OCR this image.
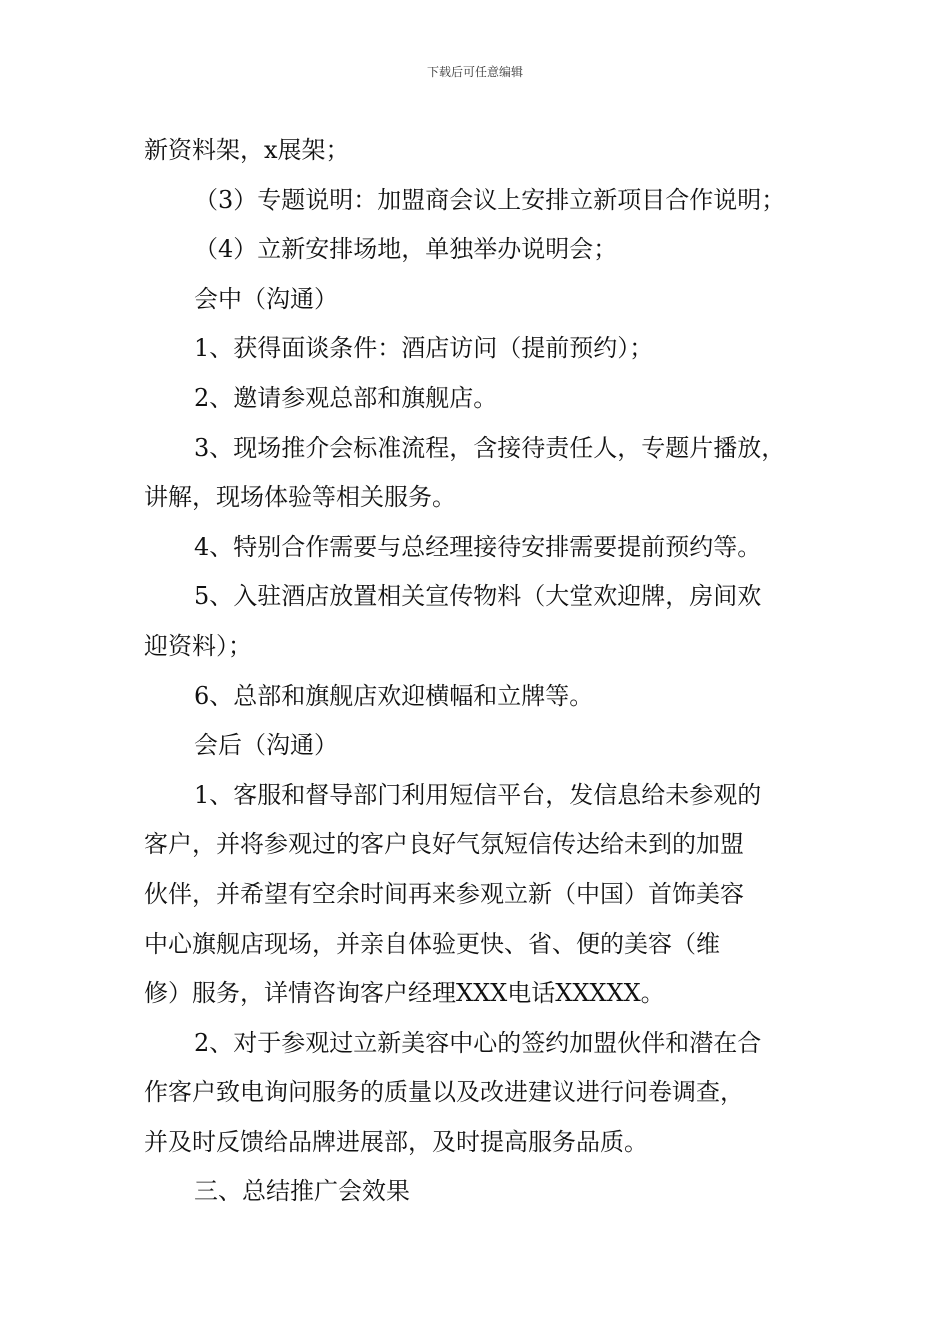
下载后可任意编辑

新资料架，x展架；

（3）专题说明：加盟商会议上安排立新项目合作说明；

（4）立新安排场地，单独举办说明会；

会中（沟通）

1、获得面谈条件：酒店访问（提前预约）；

2、邀请参观总部和旗舰店。

3、现场推介会标准流程，含接待责任人，专题片播放，

讲解，现场体验等相关服务。

4、特别合作需要与总经理接待安排需要提前预约等。

5、入驻酒店放置相关宣传物料（大堂欢迎牌，房间欢

迎资料）；

6、总部和旗舰店欢迎横幅和立牌等。

会后（沟通）

1、客服和督导部门利用短信平台，发信息给未参观的

客户，并将参观过的客户良好气氛短信传达给未到的加盟

伙伴，并希望有空余时间再来参观立新（中国）首饰美容

中心旗舰店现场，并亲自体验更快、省、便的美容（维

修）服务，详情咨询客户经理XXX电话XXXXX。

2、对于参观过立新美容中心的签约加盟伙伴和潜在合

作客户致电询问服务的质量以及改进建议进行问卷调查，

并及时反馈给品牌进展部，及时提高服务品质。

三、总结推广会效果
